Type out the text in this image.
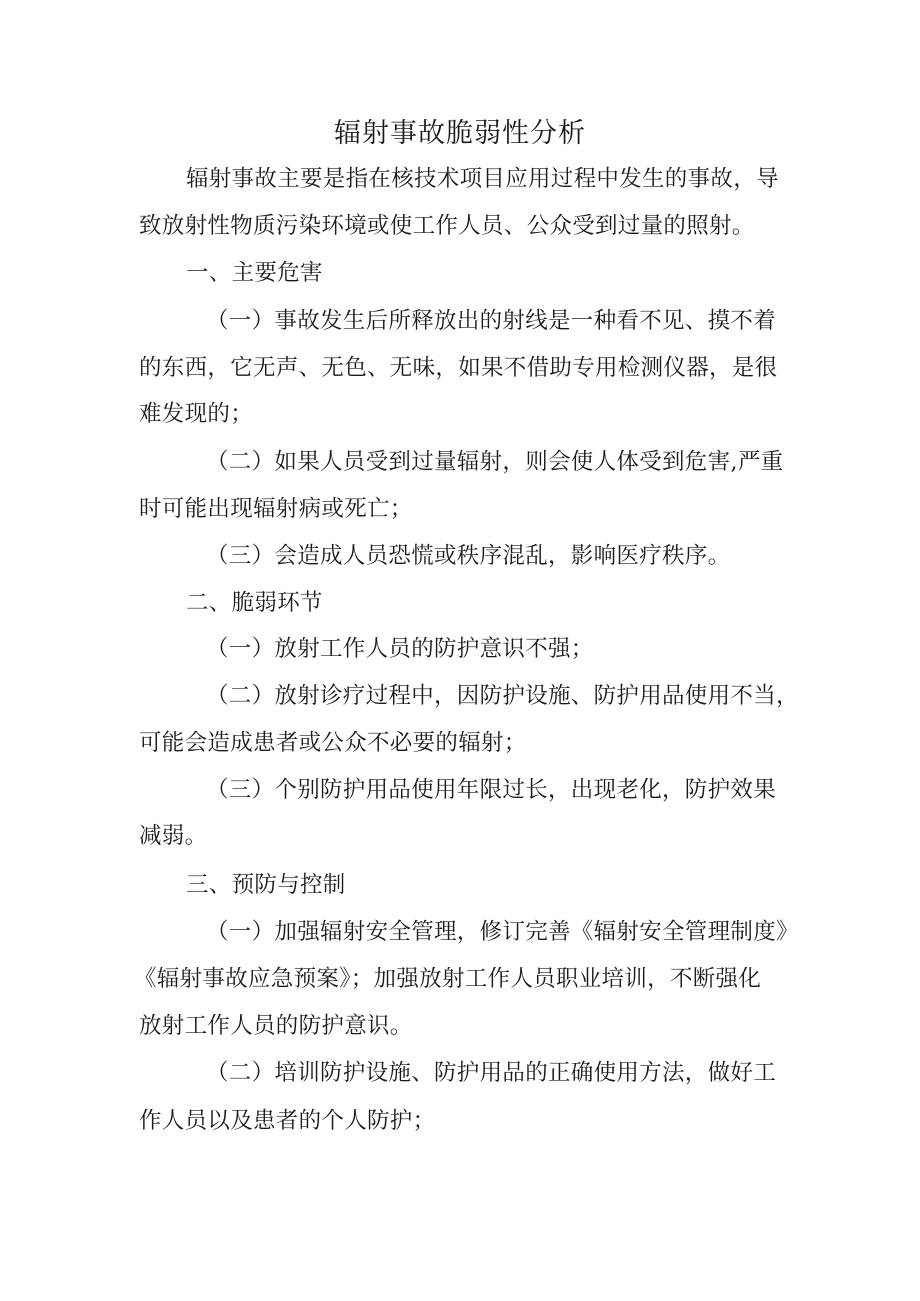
辐射事故脆弱性分析

辐射事故主要是指在核技术项目应用过程中发生的事故，导

致放射性物质污染环境或使工作人员、公众受到过量的照射。

一、主要危害

（一）事故发生后所释放出的射线是一种看不见、摸不着

的东西，它无声、无色、无味，如果不借助专用检测仪器，是很

难发现的；

（二）如果人员受到过量辐射，则会使人体受到危害,严重

时可能出现辐射病或死亡；

（三）会造成人员恐慌或秩序混乱，影响医疗秩序。

二、脆弱环节

（一）放射工作人员的防护意识不强；

（二）放射诊疗过程中，因防护设施、防护用品使用不当，

可能会造成患者或公众不必要的辐射；

（三）个别防护用品使用年限过长，出现老化，防护效果

减弱。

三、预防与控制

（一）加强辐射安全管理，修订完善《辐射安全管理制度》

《辐射事故应急预案》；加强放射工作人员职业培训，不断强化

放射工作人员的防护意识。

（二）培训防护设施、防护用品的正确使用方法，做好工

作人员以及患者的个人防护；
